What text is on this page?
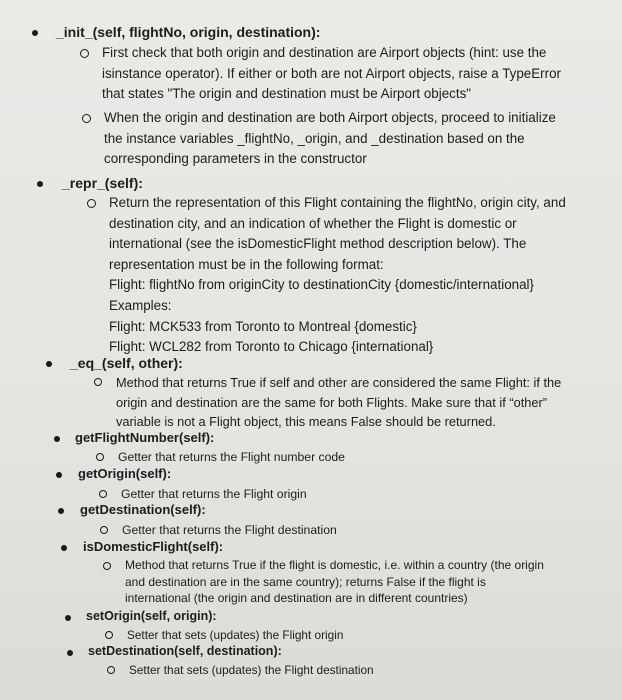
_init_(self, flightNo, origin, destination):

First check that both origin and destination are Airport objects (hint: use the

isinstance operator). If either or both are not Airport objects, raise a TypeError

that states "The origin and destination must be Airport objects"

When the origin and destination are both Airport objects, proceed to initialize

the instance variables _flightNo, _origin, and _destination based on the

corresponding parameters in the constructor

_repr_(self):

Return the representation of this Flight containing the flightNo, origin city, and

destination city, and an indication of whether the Flight is domestic or

international (see the isDomesticFlight method description below). The

representation must be in the following format:

Flight: flightNo from originCity to destinationCity {domestic/international}

Examples:

Flight: MCK533 from Toronto to Montreal {domestic}

Flight: WCL282 from Toronto to Chicago {international}

_eq_(self, other):

Method that returns True if self and other are considered the same Flight: if the

origin and destination are the same for both Flights. Make sure that if “other”

variable is not a Flight object, this means False should be returned.

getFlightNumber(self):

Getter that returns the Flight number code

getOrigin(self):

Getter that returns the Flight origin

getDestination(self):

Getter that returns the Flight destination

isDomesticFlight(self):

Method that returns True if the flight is domestic, i.e. within a country (the origin

and destination are in the same country); returns False if the flight is

international (the origin and destination are in different countries)

setOrigin(self, origin):

Setter that sets (updates) the Flight origin

setDestination(self, destination):

Setter that sets (updates) the Flight destination
